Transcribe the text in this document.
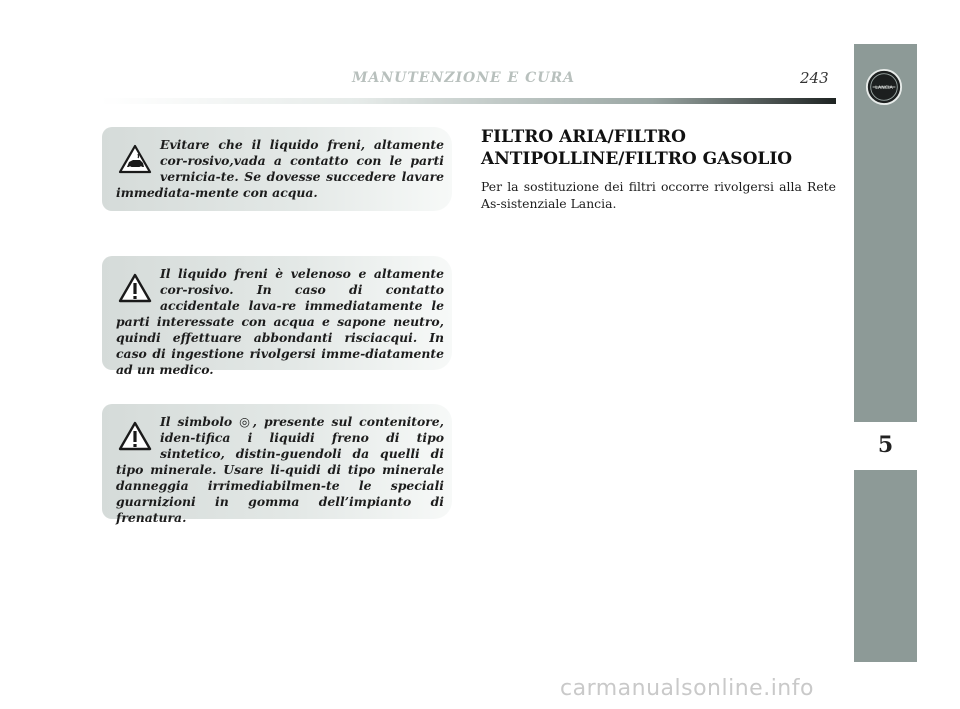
MANUTENZIONE E CURA	243
5
LANCIA
Evitare che il liquido freni, altamente cor-rosivo,vada a contatto con le parti vernicia-te. Se dovesse succedere lavare immediata-mente con acqua.
Il liquido freni è velenoso e altamente cor-rosivo. In caso di contatto accidentale lava-re immediatamente le parti interessate con acqua e sapone neutro, quindi effettuare abbondanti risciacqui. In caso di ingestione rivolgersi imme-diatamente ad un medico.
Il simbolo ◎, presente sul contenitore, iden-tifica i liquidi freno di tipo sintetico, distin-guendoli da quelli di tipo minerale. Usare li-quidi di tipo minerale danneggia irrimediabilmen-te le speciali guarnizioni in gomma dell’impianto di frenatura.
FILTRO ARIA/FILTRO
ANTIPOLLINE/FILTRO GASOLIO
Per la sostituzione dei filtri occorre rivolgersi alla Rete As-sistenziale Lancia.
carmanualsonline.info
